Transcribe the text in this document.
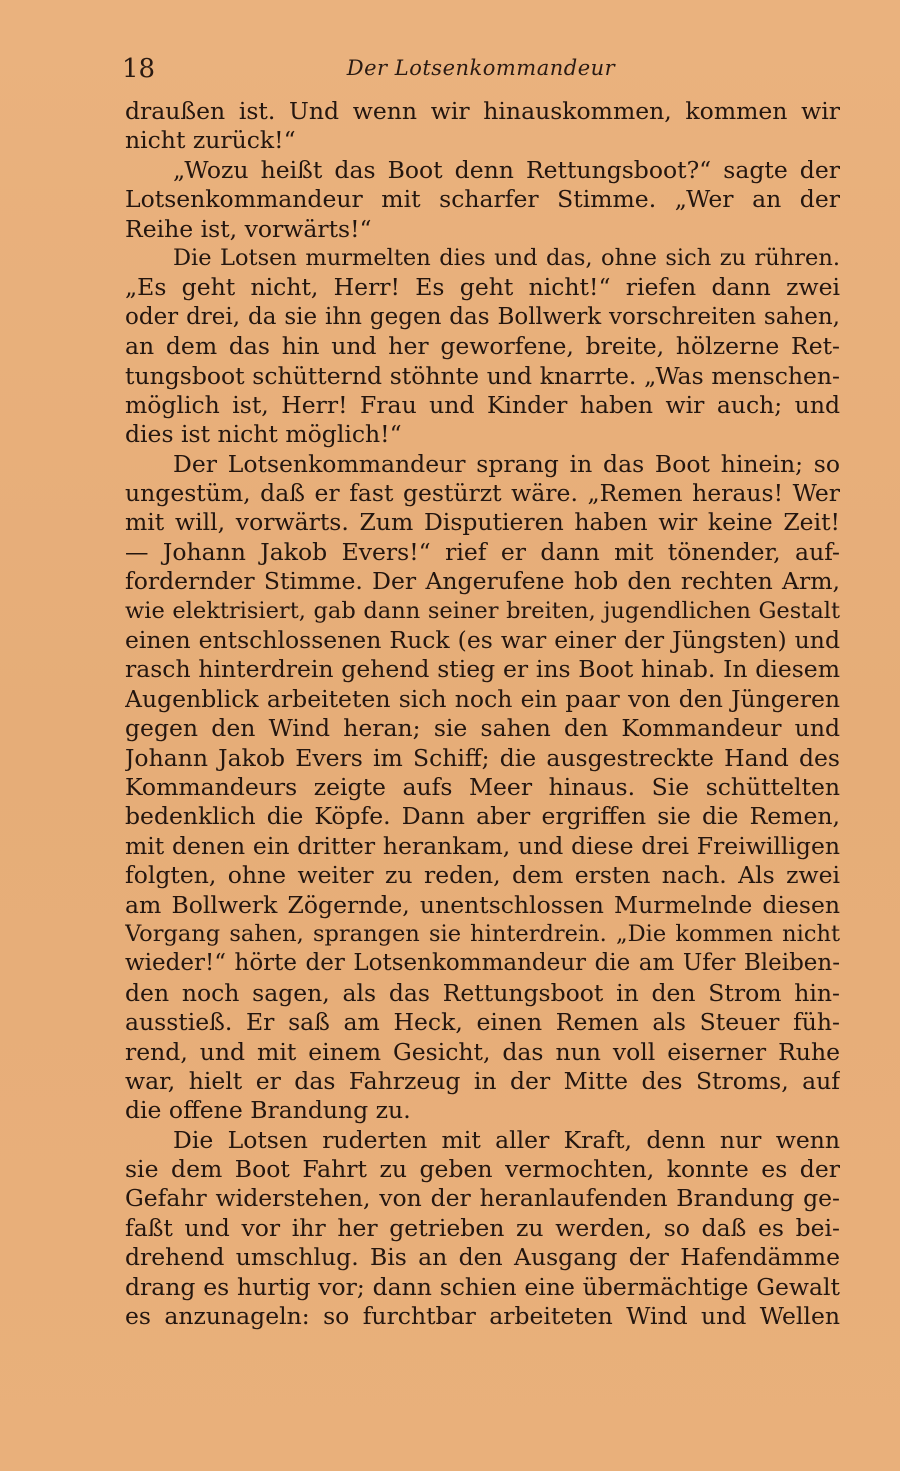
18	Der Lotsenkommandeur
draußen ist. Und wenn wir hinauskommen, kommen wir
nicht zurück!“
„Wozu heißt das Boot denn Rettungsboot?“ sagte der
Lotsenkommandeur mit scharfer Stimme. „Wer an der
Reihe ist, vorwärts!“
Die Lotsen murmelten dies und das, ohne sich zu rühren.
„Es geht nicht, Herr! Es geht nicht!“ riefen dann zwei
oder drei, da sie ihn gegen das Bollwerk vorschreiten sahen,
an dem das hin und her geworfene, breite, hölzerne Ret-
tungsboot schütternd stöhnte und knarrte. „Was menschen-
möglich ist, Herr! Frau und Kinder haben wir auch; und
dies ist nicht möglich!“
Der Lotsenkommandeur sprang in das Boot hinein; so
ungestüm, daß er fast gestürzt wäre. „Remen heraus! Wer
mit will, vorwärts. Zum Disputieren haben wir keine Zeit!
— Johann Jakob Evers!“ rief er dann mit tönender, auf-
fordernder Stimme. Der Angerufene hob den rechten Arm,
wie elektrisiert, gab dann seiner breiten, jugendlichen Gestalt
einen entschlossenen Ruck (es war einer der Jüngsten) und
rasch hinterdrein gehend stieg er ins Boot hinab. In diesem
Augenblick arbeiteten sich noch ein paar von den Jüngeren
gegen den Wind heran; sie sahen den Kommandeur und
Johann Jakob Evers im Schiff; die ausgestreckte Hand des
Kommandeurs zeigte aufs Meer hinaus. Sie schüttelten
bedenklich die Köpfe. Dann aber ergriffen sie die Remen,
mit denen ein dritter herankam, und diese drei Freiwilligen
folgten, ohne weiter zu reden, dem ersten nach. Als zwei
am Bollwerk Zögernde, unentschlossen Murmelnde diesen
Vorgang sahen, sprangen sie hinterdrein. „Die kommen nicht
wieder!“ hörte der Lotsenkommandeur die am Ufer Bleiben-
den noch sagen, als das Rettungsboot in den Strom hin-
ausstieß. Er saß am Heck, einen Remen als Steuer füh-
rend, und mit einem Gesicht, das nun voll eiserner Ruhe
war, hielt er das Fahrzeug in der Mitte des Stroms, auf
die offene Brandung zu.
Die Lotsen ruderten mit aller Kraft, denn nur wenn
sie dem Boot Fahrt zu geben vermochten, konnte es der
Gefahr widerstehen, von der heranlaufenden Brandung ge-
faßt und vor ihr her getrieben zu werden, so daß es bei-
drehend umschlug. Bis an den Ausgang der Hafendämme
drang es hurtig vor; dann schien eine übermächtige Gewalt
es anzunageln: so furchtbar arbeiteten Wind und Wellen
